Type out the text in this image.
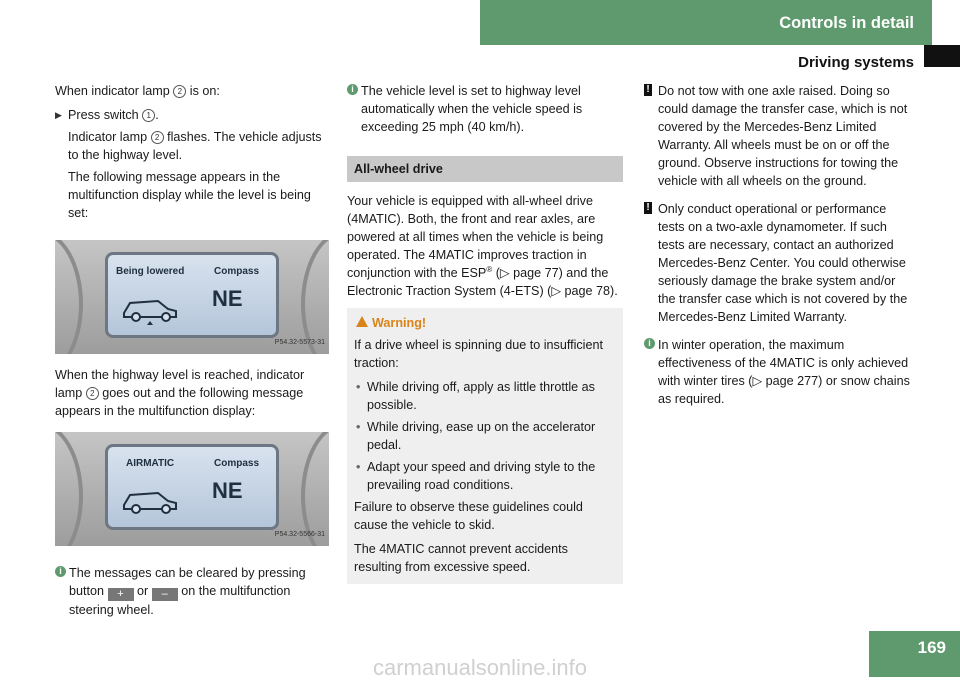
Controls in detail
Driving systems

When indicator lamp 2 is on:

▶ Press switch 1 .
Indicator lamp 2 flashes. The vehicle adjusts to the highway level.
The following message appears in the multifunction display while the level is being set:
Being lowered	Compass
NE
P54.32-5573-31

When the highway level is reached, indicator lamp 2 goes out and the following message appears in the multifunction display:

AIRMATIC	Compass
NE
P54.32-5566-31
i The messages can be cleared by pressing button + or – on the multifunction steering wheel.
i The vehicle level is set to highway level automatically when the vehicle speed is exceeding 25 mph (40 km/h).
All-wheel drive

Your vehicle is equipped with all-wheel drive (4MATIC). Both, the front and rear axles, are powered at all times when the vehicle is being operated. The 4MATIC improves traction in conjunction with the ESP® (▷ page 77) and the Electronic Traction System (4-ETS) (▷ page 78).

Warning!

If a drive wheel is spinning due to insufficient traction:

• While driving off, apply as little throttle as possible.
• While driving, ease up on the accelerator pedal.
• Adapt your speed and driving style to the prevailing road conditions.

Failure to observe these guidelines could cause the vehicle to skid.

The 4MATIC cannot prevent accidents resulting from excessive speed.

! Do not tow with one axle raised. Doing so could damage the transfer case, which is not covered by the Mercedes-Benz Limited Warranty. All wheels must be on or off the ground. Observe instructions for towing the vehicle with all wheels on the ground.
! Only conduct operational or performance tests on a two-axle dynamometer. If such tests are necessary, contact an authorized Mercedes-Benz Center. You could otherwise seriously damage the brake system and/or the transfer case which is not covered by the Mercedes-Benz Limited Warranty.
i In winter operation, the maximum effectiveness of the 4MATIC is only achieved with winter tires (▷ page 277) or snow chains as required.
169
carmanualsonline.info
